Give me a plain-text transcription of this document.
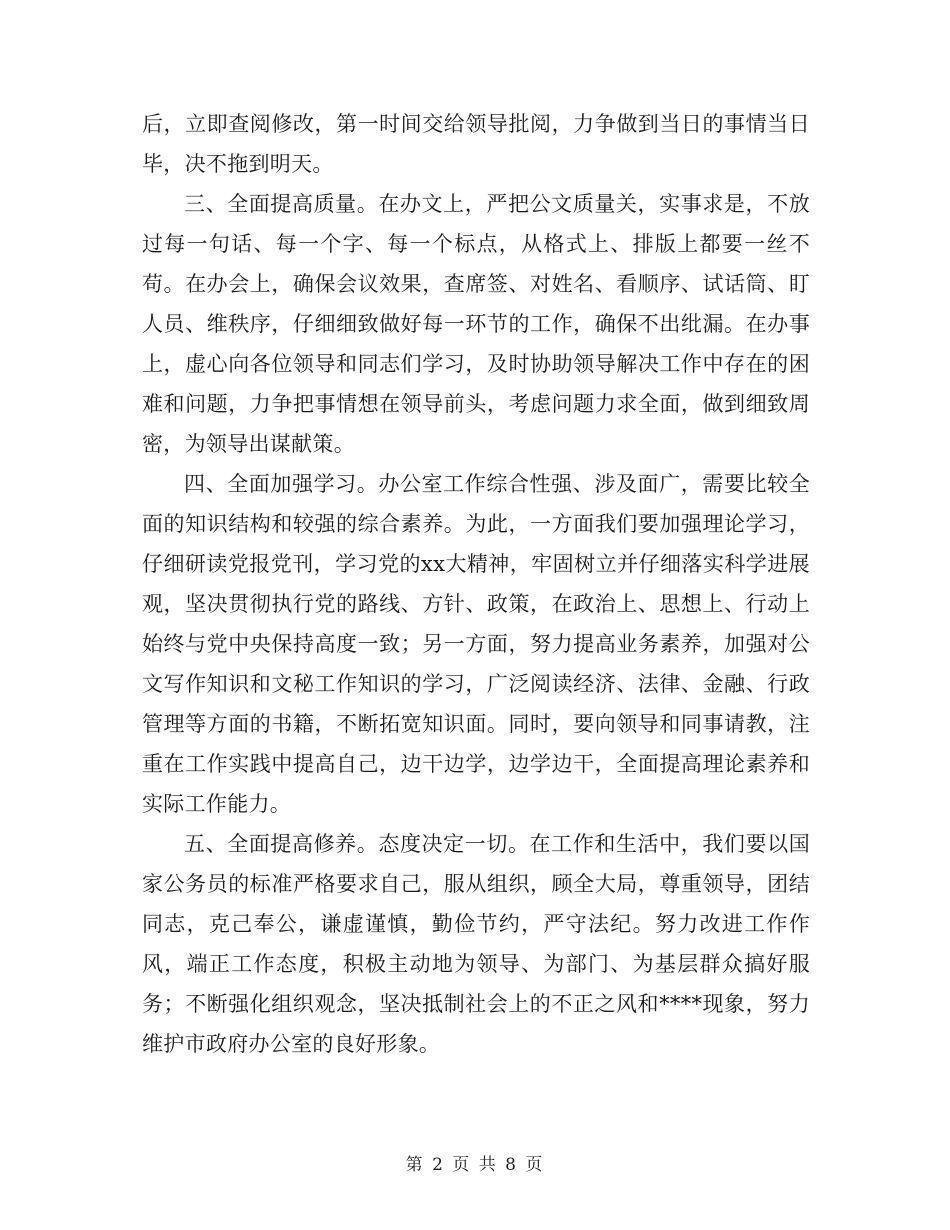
后，立即查阅修改，第一时间交给领导批阅，力争做到当日的事情当日毕，决不拖到明天。

三、全面提高质量。在办文上，严把公文质量关，实事求是，不放过每一句话、每一个字、每一个标点，从格式上、排版上都要一丝不苟。在办会上，确保会议效果，查席签、对姓名、看顺序、试话筒、盯人员、维秩序，仔细细致做好每一环节的工作，确保不出纰漏。在办事上，虚心向各位领导和同志们学习，及时协助领导解决工作中存在的困难和问题，力争把事情想在领导前头，考虑问题力求全面，做到细致周密，为领导出谋献策。

四、全面加强学习。办公室工作综合性强、涉及面广，需要比较全面的知识结构和较强的综合素养。为此，一方面我们要加强理论学习，仔细研读党报党刊，学习党的xx大精神，牢固树立并仔细落实科学进展观，坚决贯彻执行党的路线、方针、政策，在政治上、思想上、行动上始终与党中央保持高度一致；另一方面，努力提高业务素养，加强对公文写作知识和文秘工作知识的学习，广泛阅读经济、法律、金融、行政管理等方面的书籍，不断拓宽知识面。同时，要向领导和同事请教，注重在工作实践中提高自己，边干边学，边学边干，全面提高理论素养和实际工作能力。

五、全面提高修养。态度决定一切。在工作和生活中，我们要以国家公务员的标准严格要求自己，服从组织，顾全大局，尊重领导，团结同志，克己奉公，谦虚谨慎，勤俭节约，严守法纪。努力改进工作作风，端正工作态度，积极主动地为领导、为部门、为基层群众搞好服务；不断强化组织观念，坚决抵制社会上的不正之风和****现象，努力维护市政府办公室的良好形象。

第 2 页 共 8 页
